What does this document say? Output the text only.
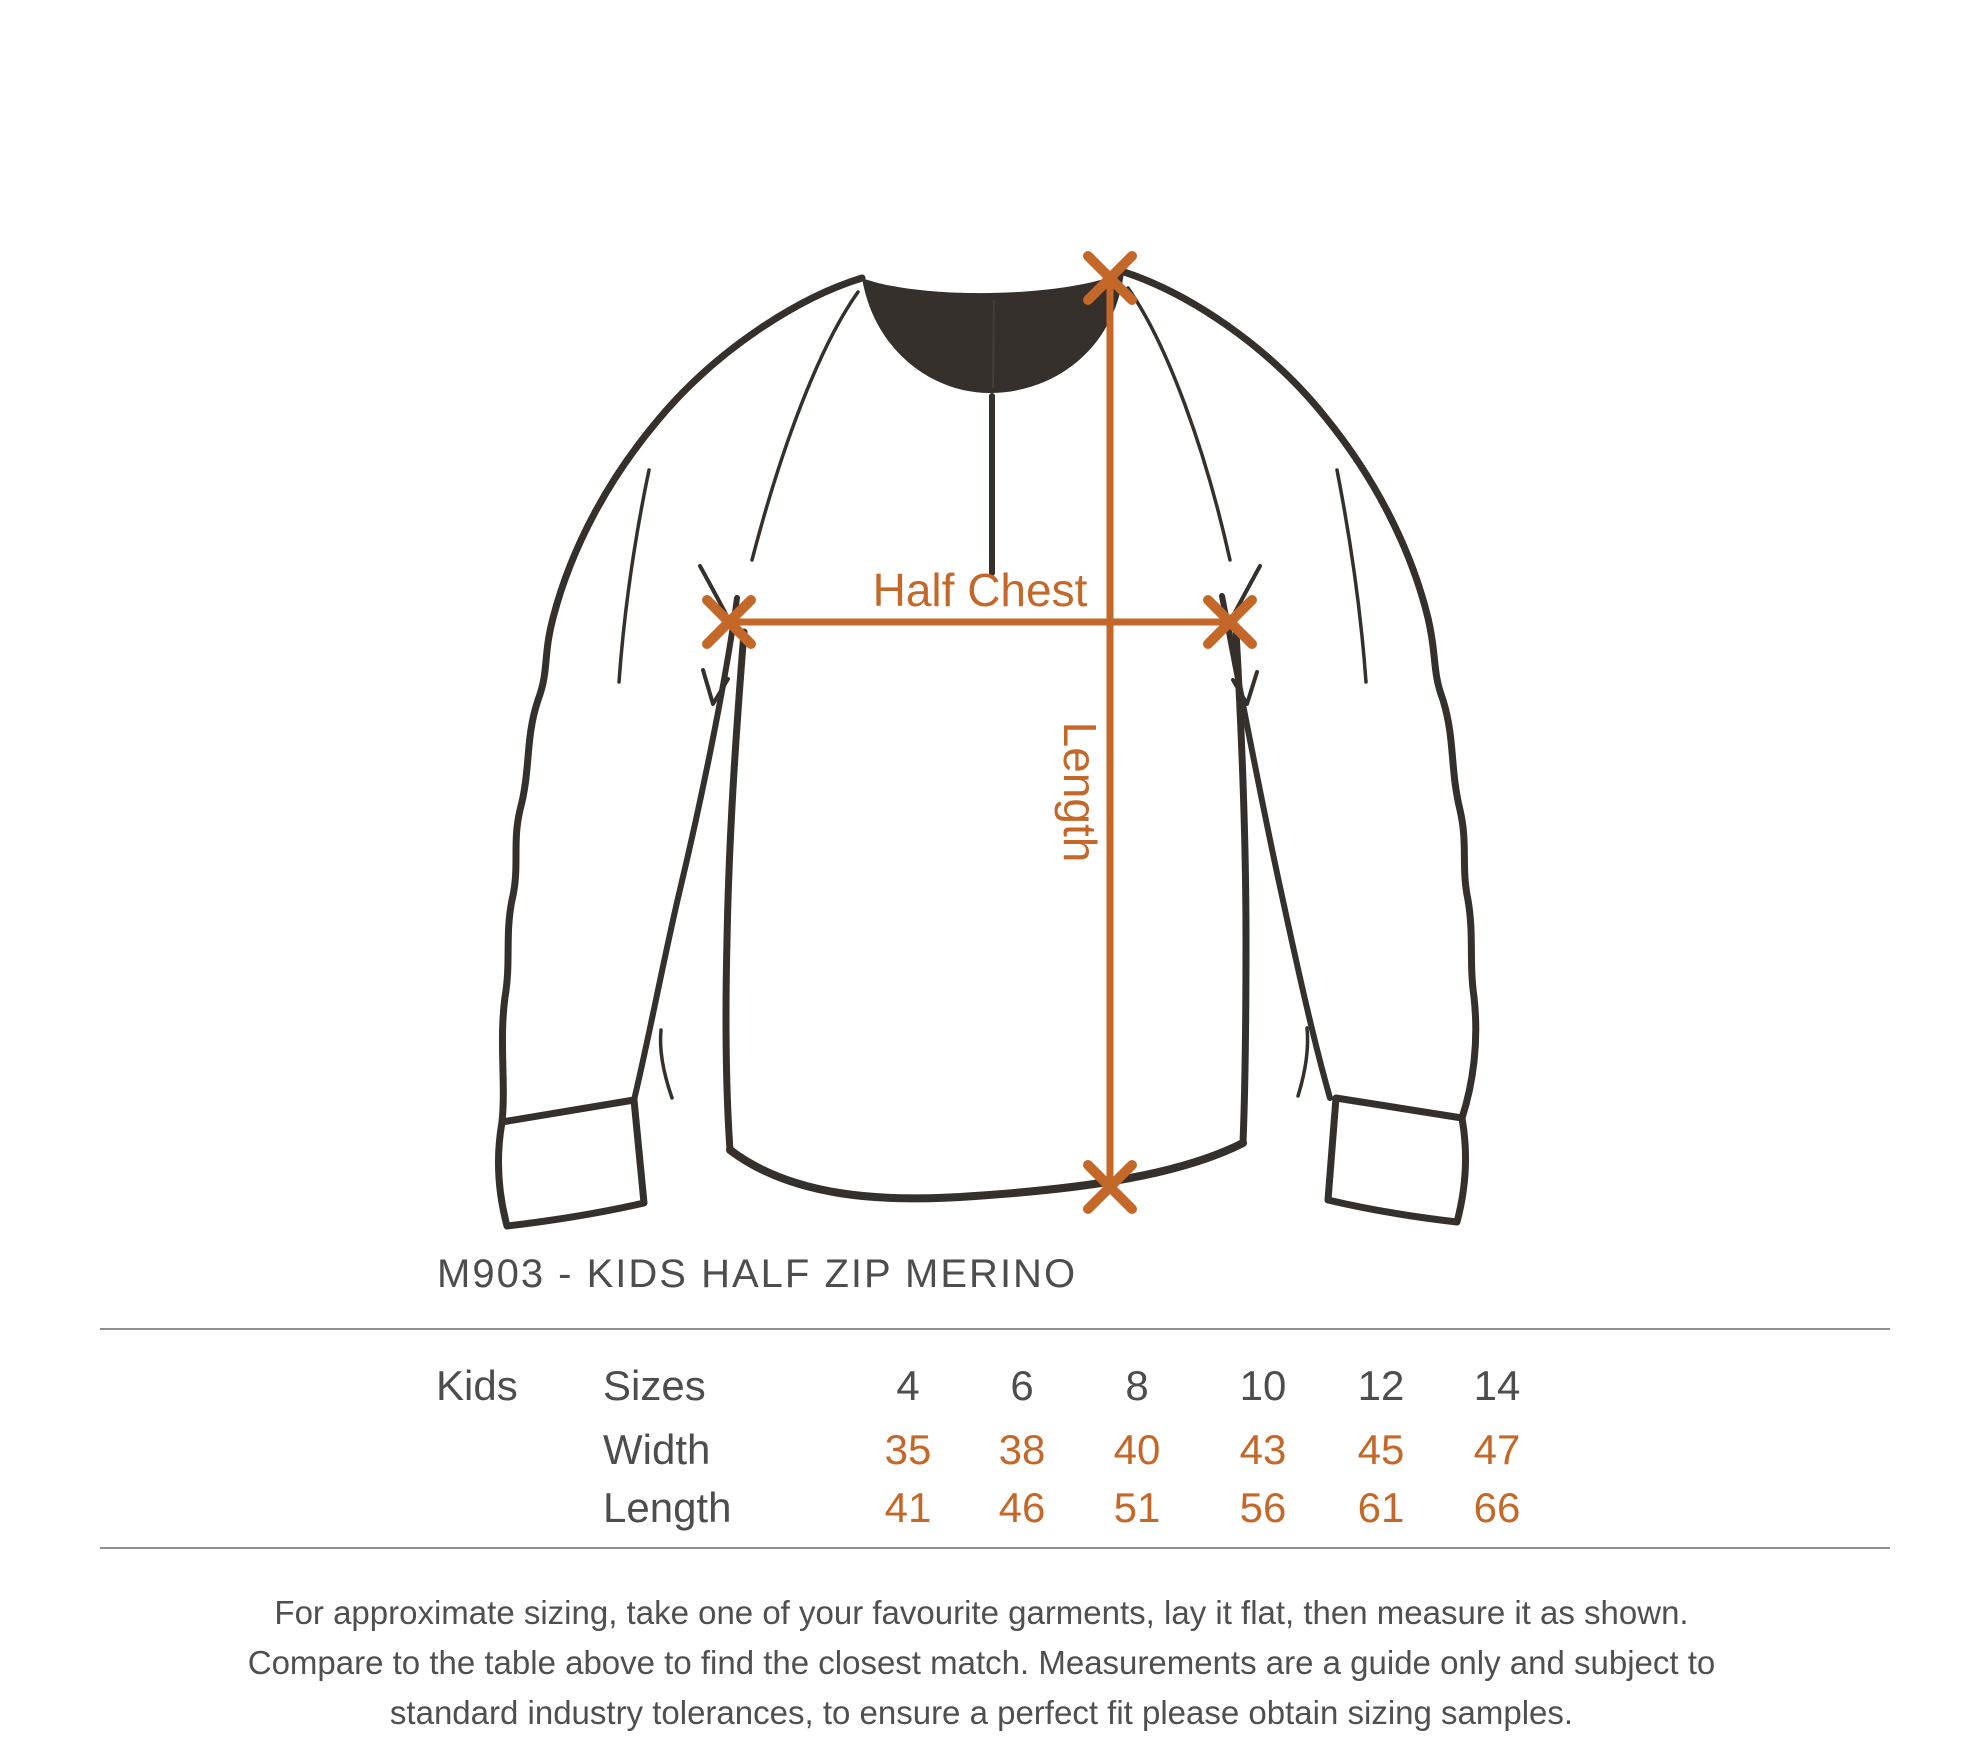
Half Chest
Length
M903 - KIDS HALF ZIP MERINO
Kids Sizes	4	6	8	10	12	14
Width	35	38	40	43	45	47
Length	41	46	51	56	61	66
For approximate sizing, take one of your favourite garments, lay it flat, then measure it as shown.
Compare to the table above to find the closest match. Measurements are a guide only and subject to
standard industry tolerances, to ensure a perfect fit please obtain sizing samples.
